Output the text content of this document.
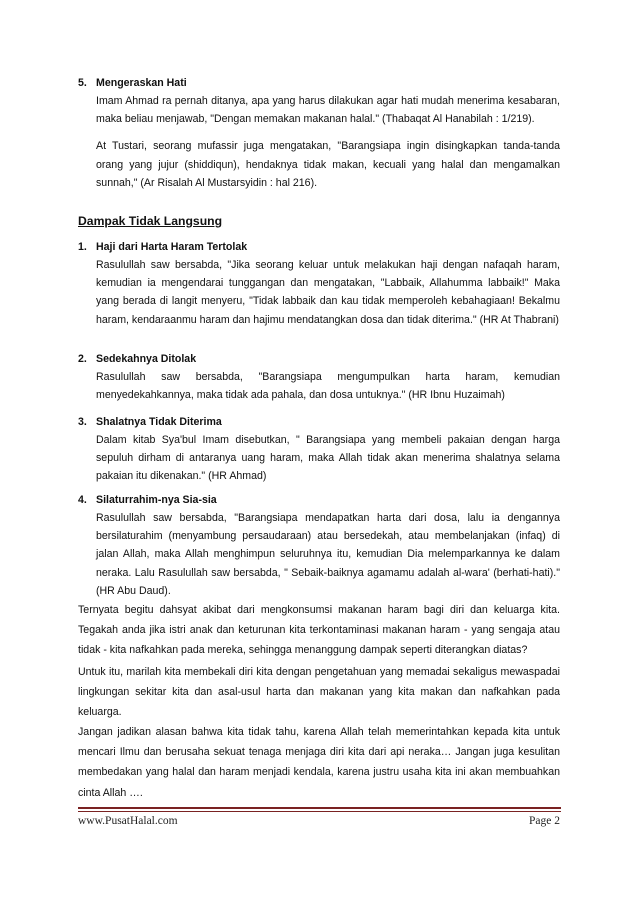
5. Mengeraskan Hati

Imam Ahmad ra pernah ditanya, apa yang harus dilakukan agar hati mudah menerima kesabaran, maka beliau menjawab, "Dengan memakan makanan halal." (Thabaqat Al Hanabilah : 1/219).

At Tustari, seorang mufassir juga mengatakan, "Barangsiapa ingin disingkapkan tanda-tanda orang yang jujur (shiddiqun), hendaknya tidak makan, kecuali yang halal dan mengamalkan sunnah," (Ar Risalah Al Mustarsyidin : hal 216).

Dampak Tidak Langsung
1. Haji dari Harta Haram Tertolak

Rasulullah saw bersabda, "Jika seorang keluar untuk melakukan haji dengan nafaqah haram, kemudian ia mengendarai tunggangan dan mengatakan, "Labbaik, Allahumma labbaik!" Maka yang berada di langit menyeru, "Tidak labbaik dan kau tidak memperoleh kebahagiaan! Bekalmu haram, kendaraanmu haram dan hajimu mendatangkan dosa dan tidak diterima." (HR At Thabrani)

2. Sedekahnya Ditolak

Rasulullah saw bersabda, "Barangsiapa mengumpulkan harta haram, kemudian menyedekahkannya, maka tidak ada pahala, dan dosa untuknya." (HR Ibnu Huzaimah)

3. Shalatnya Tidak Diterima

Dalam kitab Sya'bul Imam disebutkan, " Barangsiapa yang membeli pakaian dengan harga sepuluh dirham di antaranya uang haram, maka Allah tidak akan menerima shalatnya selama pakaian itu dikenakan." (HR Ahmad)

4. Silaturrahim-nya Sia-sia

Rasulullah saw bersabda, "Barangsiapa mendapatkan harta dari dosa, lalu ia dengannya bersilaturahim (menyambung persaudaraan) atau bersedekah, atau membelanjakan (infaq) di jalan Allah, maka Allah menghimpun seluruhnya itu, kemudian Dia melemparkannya ke dalam neraka. Lalu Rasulullah saw bersabda, " Sebaik-baiknya agamamu adalah al-wara' (berhati-hati)." (HR Abu Daud).

Ternyata begitu dahsyat akibat dari mengkonsumsi makanan haram bagi diri dan keluarga kita. Tegakah anda jika istri anak dan keturunan kita terkontaminasi makanan haram - yang sengaja atau tidak - kita nafkahkan pada mereka, sehingga menanggung dampak seperti diterangkan diatas?

Untuk itu, marilah kita membekali diri kita dengan pengetahuan yang memadai sekaligus mewaspadai lingkungan sekitar kita dan asal-usul harta dan makanan yang kita makan dan nafkahkan pada keluarga.

Jangan jadikan alasan bahwa kita tidak tahu, karena Allah telah memerintahkan kepada kita untuk mencari Ilmu dan berusaha sekuat tenaga menjaga diri kita dari api neraka… Jangan juga kesulitan membedakan yang halal dan haram menjadi kendala, karena justru usaha kita ini akan membuahkan cinta Allah ….

www.PusatHalal.com	Page 2
